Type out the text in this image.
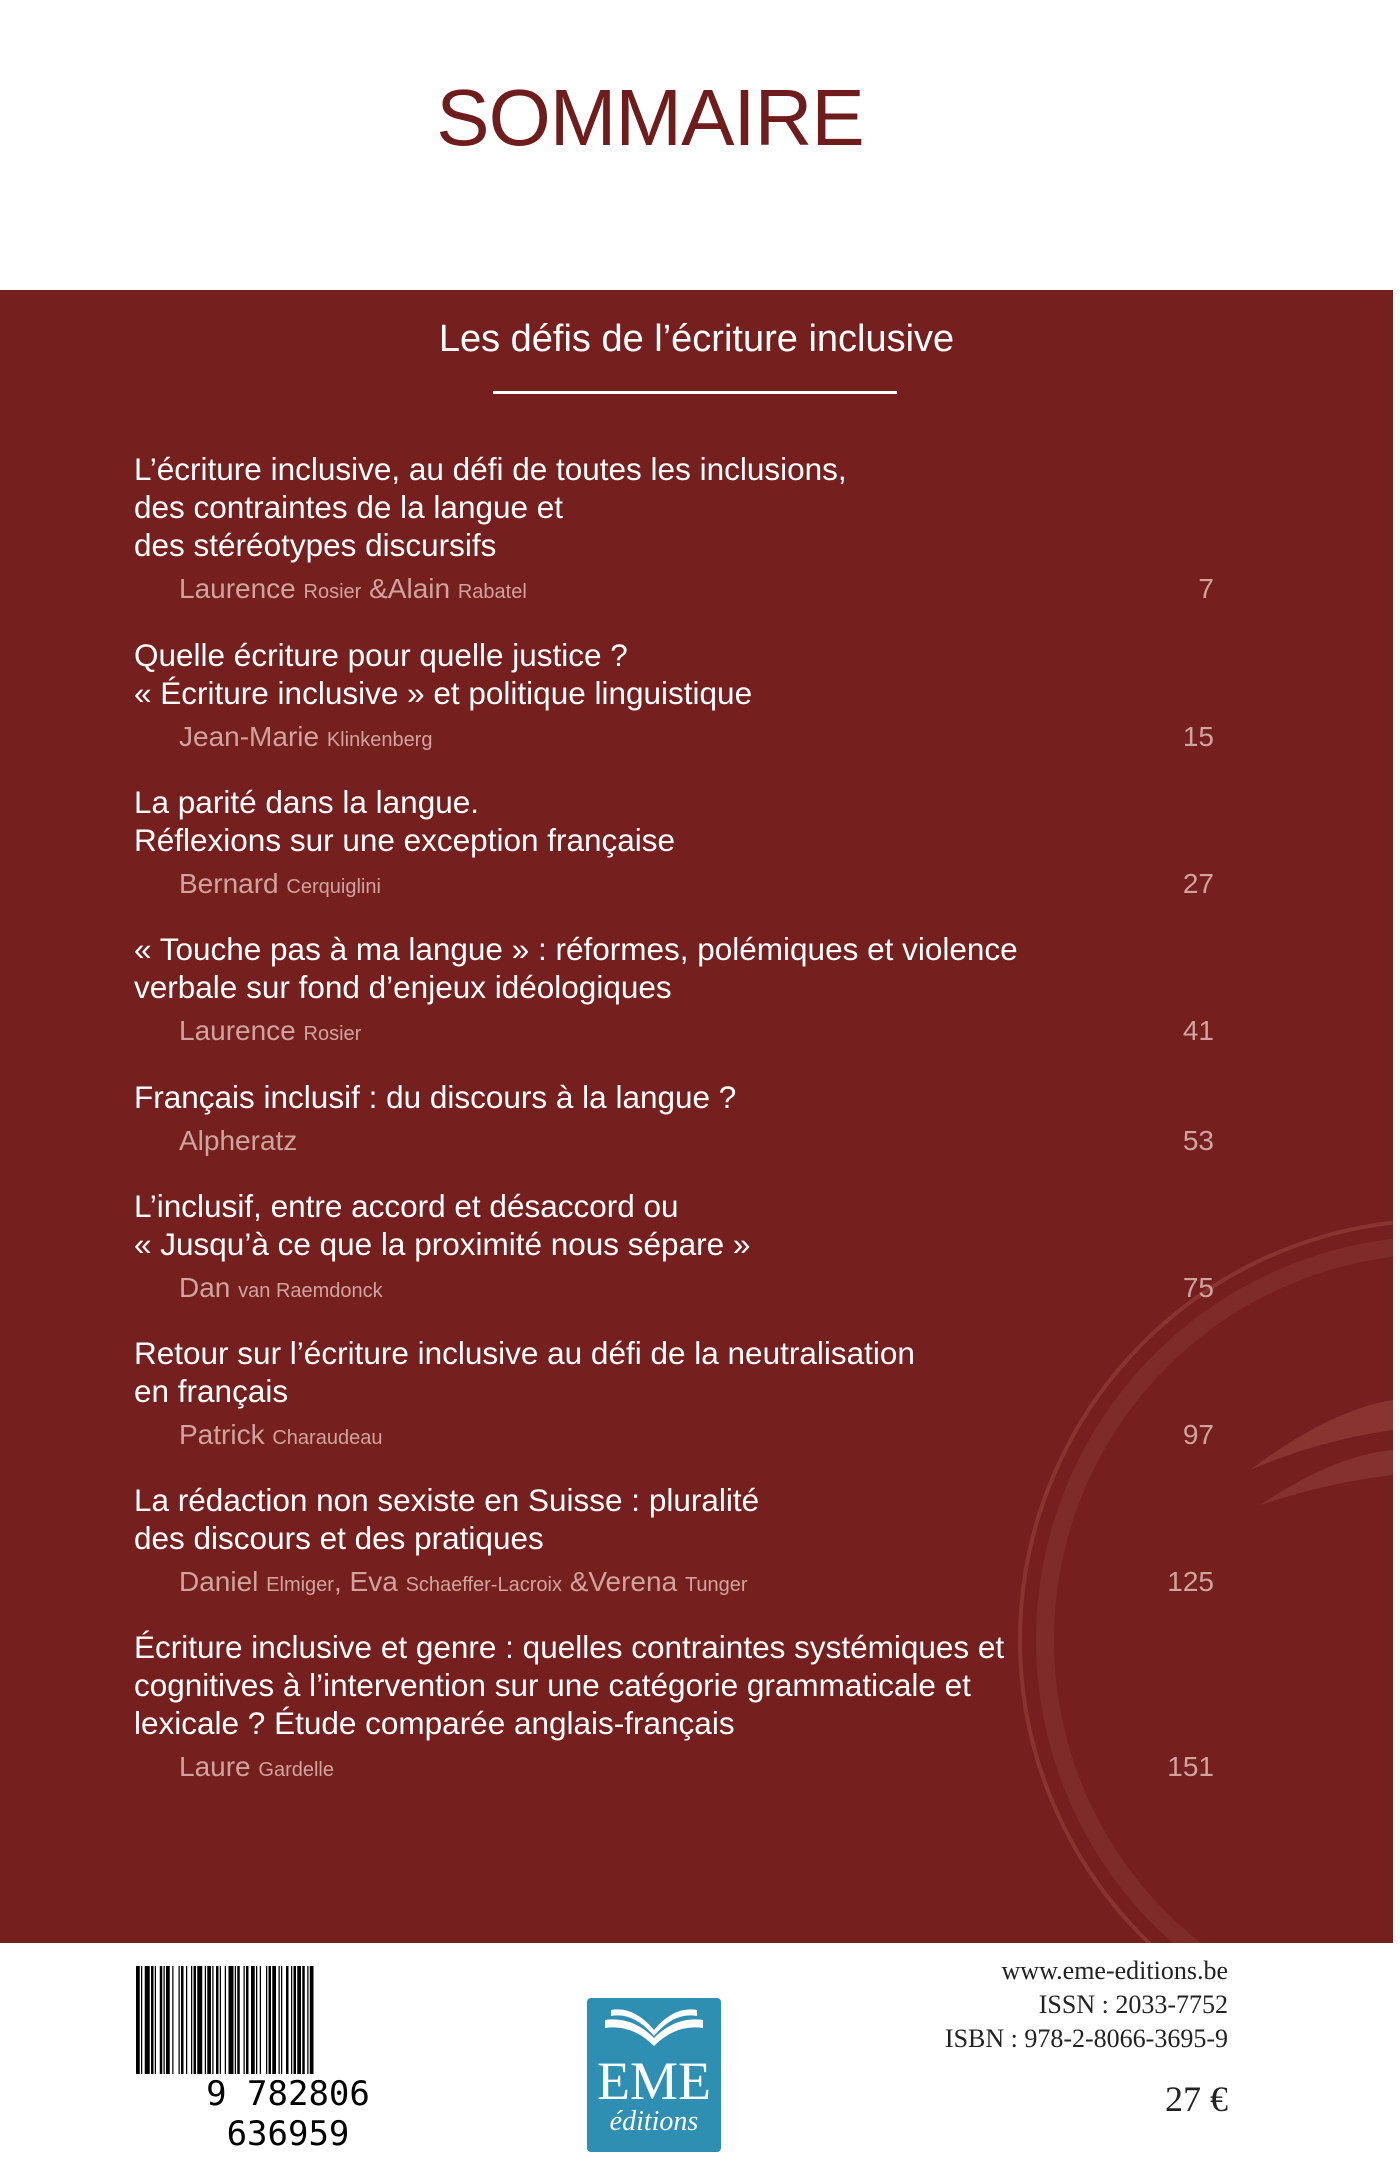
SOMMAIRE
Les défis de l’écriture inclusive

L’écriture inclusive, au défi de toutes les inclusions,
des contraintes de la langue et
des stéréotypes discursifs

Laurence Rosier &Alain Rabatel	7

Quelle écriture pour quelle justice ?
« Écriture inclusive » et politique linguistique

Jean-Marie Klinkenberg	15

La parité dans la langue.
Réflexions sur une exception française

Bernard Cerquiglini	27

« Touche pas à ma langue » : réformes, polémiques et violence
verbale sur fond d’enjeux idéologiques

Laurence Rosier	41

Français inclusif : du discours à la langue ?

Alpheratz	53

L’inclusif, entre accord et désaccord ou
« Jusqu’à ce que la proximité nous sépare »

Dan van Raemdonck	75

Retour sur l’écriture inclusive au défi de la neutralisation
en français

Patrick Charaudeau	97

La rédaction non sexiste en Suisse : pluralité
des discours et des pratiques

Daniel Elmiger, Eva Schaeffer-Lacroix &Verena Tunger	125

Écriture inclusive et genre : quelles contraintes systémiques et
cognitives à l’intervention sur une catégorie grammaticale et
lexicale ? Étude comparée anglais-français

Laure Gardelle	151
9 782806 636959
EME
éditions
www.eme-editions.be
ISSN : 2033-7752
ISBN : 978-2-8066-3695-9
27 €
